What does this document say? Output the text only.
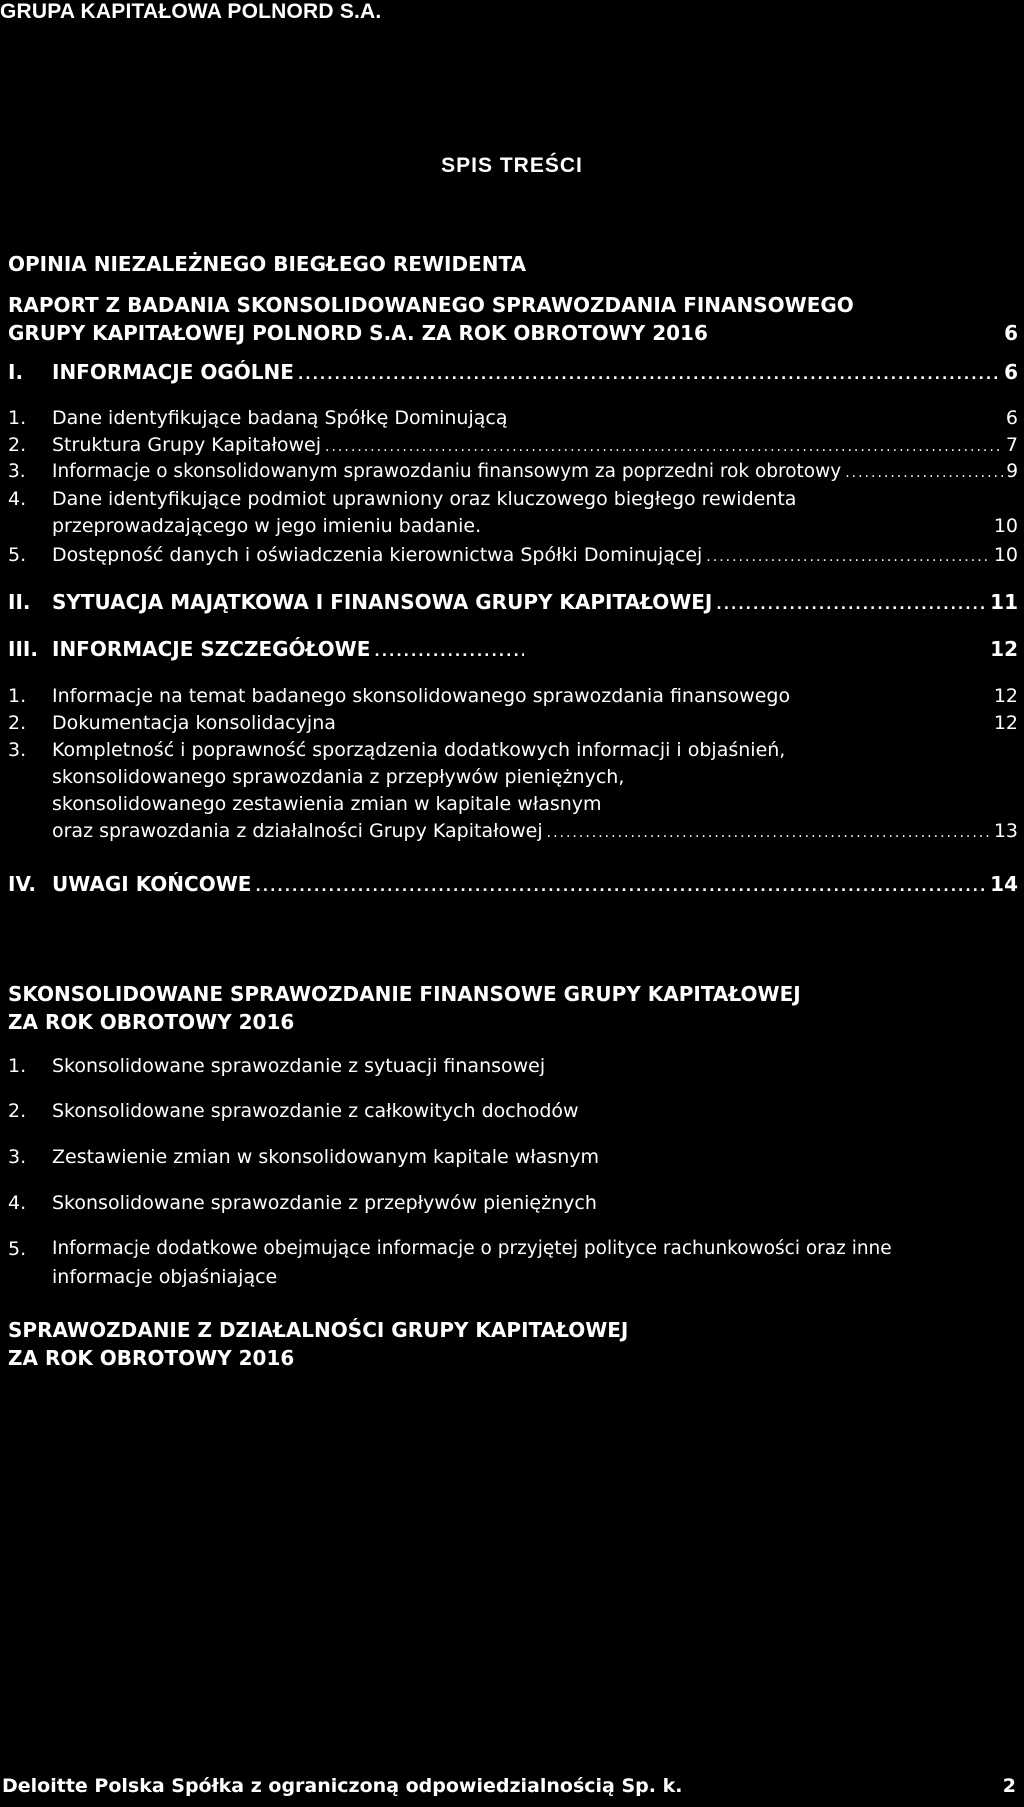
GRUPA KAPITAŁOWA POLNORD S.A.
SPIS TREŚCI
OPINIA NIEZALEŻNEGO BIEGŁEGO REWIDENTA
RAPORT Z BADANIA SKONSOLIDOWANEGO SPRAWOZDANIA FINANSOWEGO
GRUPY KAPITAŁOWEJ POLNORD S.A. ZA ROK OBROTOWY 2016	6
I.	INFORMACJE OGÓLNE .....	6
1.	Dane identyfikujące badaną Spółkę Dominującą	6
2.	Struktura Grupy Kapitałowej .....	7
3.	Informacje o skonsolidowanym sprawozdaniu finansowym za poprzedni rok obrotowy .....	9
4.	Dane identyfikujące podmiot uprawniony oraz kluczowego biegłego rewidenta
przeprowadzającego w jego imieniu badanie.	10
5.	Dostępność danych i oświadczenia kierownictwa Spółki Dominującej .....	10
II.	SYTUACJA MAJĄTKOWA I FINANSOWA GRUPY KAPITAŁOWEJ .....	11
III. INFORMACJE SZCZEGÓŁOWE .....	12
1.	Informacje na temat badanego skonsolidowanego sprawozdania finansowego	12
2.	Dokumentacja konsolidacyjna	12
3.	Kompletność i poprawność sporządzenia dodatkowych informacji i objaśnień,
skonsolidowanego sprawozdania z przepływów pieniężnych,
skonsolidowanego zestawienia zmian w kapitale własnym
oraz sprawozdania z działalności Grupy Kapitałowej .....	13
IV. UWAGI KOŃCOWE .....	14
SKONSOLIDOWANE SPRAWOZDANIE FINANSOWE GRUPY KAPITAŁOWEJ
ZA ROK OBROTOWY 2016
1.	Skonsolidowane sprawozdanie z sytuacji finansowej
2.	Skonsolidowane sprawozdanie z całkowitych dochodów
3.	Zestawienie zmian w skonsolidowanym kapitale własnym
4.	Skonsolidowane sprawozdanie z przepływów pieniężnych
5.	Informacje dodatkowe obejmujące informacje o przyjętej polityce rachunkowości oraz inne
informacje objaśniające
SPRAWOZDANIE Z DZIAŁALNOŚCI GRUPY KAPITAŁOWEJ
ZA ROK OBROTOWY 2016
Deloitte Polska Spółka z ograniczoną odpowiedzialnością Sp. k.	2
